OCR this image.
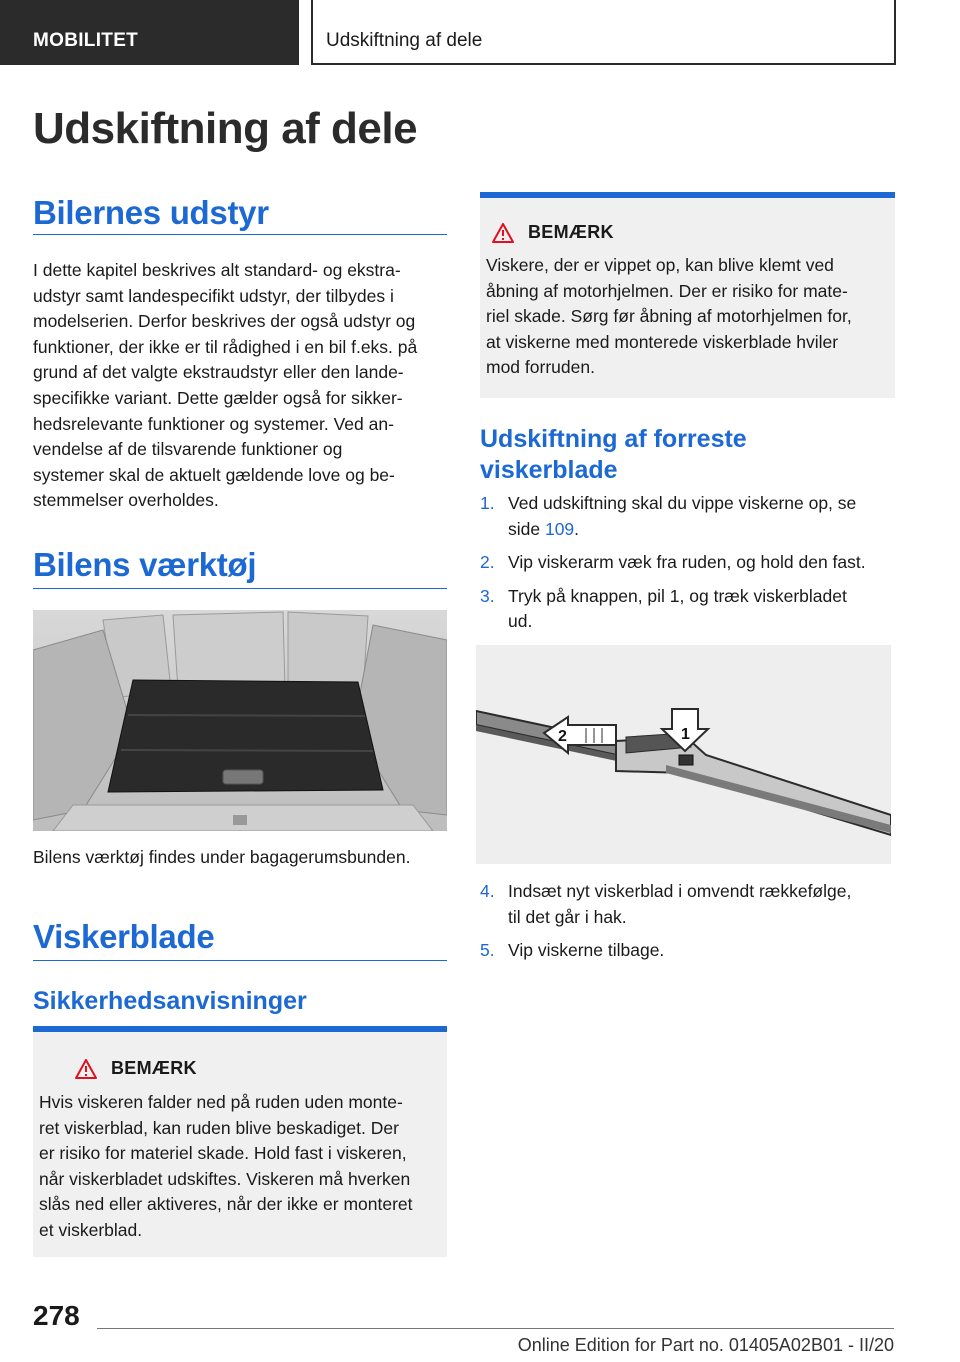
MOBILITET	Udskiftning af dele
Udskiftning af dele
Bilernes udstyr
I dette kapitel beskrives alt standard- og ekstra-
udstyr samt landespecifikt udstyr, der tilbydes i
modelserien. Derfor beskrives der også udstyr og
funktioner, der ikke er til rådighed i en bil f.eks. på
grund af det valgte ekstraudstyr eller den lande-
specifikke variant. Dette gælder også for sikker-
hedsrelevante funktioner og systemer. Ved an-
vendelse af de tilsvarende funktioner og
systemer skal de aktuelt gældende love og be-
stemmelser overholdes.
Bilens værktøj
Bilens værktøj findes under bagagerumsbunden.
Viskerblade
Sikkerhedsanvisninger
BEMÆRK
Hvis viskeren falder ned på ruden uden monte-
ret viskerblad, kan ruden blive beskadiget. Der
er risiko for materiel skade. Hold fast i viskeren,
når viskerbladet udskiftes. Viskeren må hverken
slås ned eller aktiveres, når der ikke er monteret
et viskerblad.
BEMÆRK
Viskere, der er vippet op, kan blive klemt ved
åbning af motorhjelmen. Der er risiko for mate-
riel skade. Sørg før åbning af motorhjelmen for,
at viskerne med monterede viskerblade hviler
mod forruden.
Udskiftning af forreste
viskerblade
1. Ved udskiftning skal du vippe viskerne op, se
side 109.
2. Vip viskerarm væk fra ruden, og hold den fast.
3. Tryk på knappen, pil 1, og træk viskerbladet
ud.
1
2
4. Indsæt nyt viskerblad i omvendt rækkefølge,
til det går i hak.
5. Vip viskerne tilbage.
278
Online Edition for Part no. 01405A02B01 - II/20
